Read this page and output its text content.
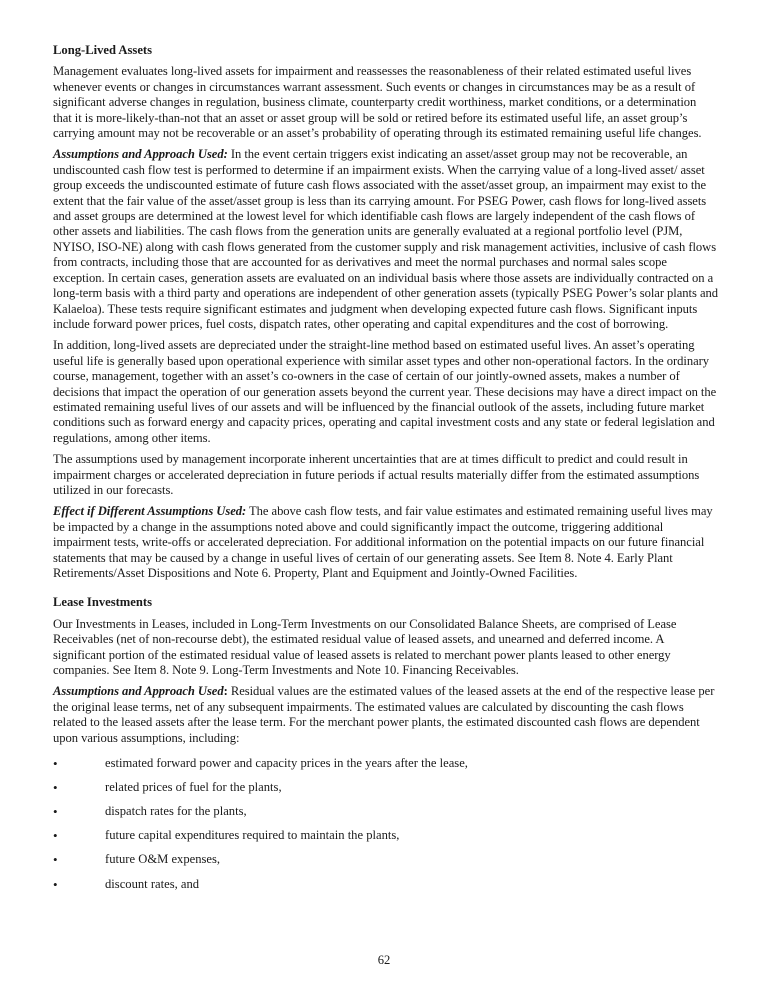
Long-Lived Assets

Management evaluates long-lived assets for impairment and reassesses the reasonableness of their related estimated useful lives whenever events or changes in circumstances warrant assessment. Such events or changes in circumstances may be as a result of significant adverse changes in regulation, business climate, counterparty credit worthiness, market conditions, or a determination that it is more-likely-than-not that an asset or asset group will be sold or retired before its estimated useful life, an asset group’s carrying amount may not be recoverable or an asset’s probability of operating through its estimated remaining useful life changes.

Assumptions and Approach Used: In the event certain triggers exist indicating an asset/asset group may not be recoverable, an undiscounted cash flow test is performed to determine if an impairment exists. When the carrying value of a long-lived asset/ asset group exceeds the undiscounted estimate of future cash flows associated with the asset/asset group, an impairment may exist to the extent that the fair value of the asset/asset group is less than its carrying amount. For PSEG Power, cash flows for long-lived assets and asset groups are determined at the lowest level for which identifiable cash flows are largely independent of the cash flows of other assets and liabilities. The cash flows from the generation units are generally evaluated at a regional portfolio level (PJM, NYISO, ISO-NE) along with cash flows generated from the customer supply and risk management activities, inclusive of cash flows from contracts, including those that are accounted for as derivatives and meet the normal purchases and normal sales scope exception. In certain cases, generation assets are evaluated on an individual basis where those assets are individually contracted on a long-term basis with a third party and operations are independent of other generation assets (typically PSEG Power’s solar plants and Kalaeloa). These tests require significant estimates and judgment when developing expected future cash flows. Significant inputs include forward power prices, fuel costs, dispatch rates, other operating and capital expenditures and the cost of borrowing.

In addition, long-lived assets are depreciated under the straight-line method based on estimated useful lives. An asset’s operating useful life is generally based upon operational experience with similar asset types and other non-operational factors. In the ordinary course, management, together with an asset’s co-owners in the case of certain of our jointly-owned assets, makes a number of decisions that impact the operation of our generation assets beyond the current year. These decisions may have a direct impact on the estimated remaining useful lives of our assets and will be influenced by the financial outlook of the assets, including future market conditions such as forward energy and capacity prices, operating and capital investment costs and any state or federal legislation and regulations, among other items.

The assumptions used by management incorporate inherent uncertainties that are at times difficult to predict and could result in impairment charges or accelerated depreciation in future periods if actual results materially differ from the estimated assumptions utilized in our forecasts.

Effect if Different Assumptions Used: The above cash flow tests, and fair value estimates and estimated remaining useful lives may be impacted by a change in the assumptions noted above and could significantly impact the outcome, triggering additional impairment tests, write-offs or accelerated depreciation. For additional information on the potential impacts on our future financial statements that may be caused by a change in useful lives of certain of our generating assets. See Item 8. Note 4. Early Plant Retirements/Asset Dispositions and Note 6. Property, Plant and Equipment and Jointly-Owned Facilities.

Lease Investments

Our Investments in Leases, included in Long-Term Investments on our Consolidated Balance Sheets, are comprised of Lease Receivables (net of non-recourse debt), the estimated residual value of leased assets, and unearned and deferred income. A significant portion of the estimated residual value of leased assets is related to merchant power plants leased to other energy companies. See Item 8. Note 9. Long-Term Investments and Note 10. Financing Receivables.

Assumptions and Approach Used: Residual values are the estimated values of the leased assets at the end of the respective lease per the original lease terms, net of any subsequent impairments. The estimated values are calculated by discounting the cash flows related to the leased assets after the lease term. For the merchant power plants, the estimated discounted cash flows are dependent upon various assumptions, including:

•	estimated forward power and capacity prices in the years after the lease,
•	related prices of fuel for the plants,
•	dispatch rates for the plants,
•	future capital expenditures required to maintain the plants,
•	future O&M expenses,
•	discount rates, and
62
